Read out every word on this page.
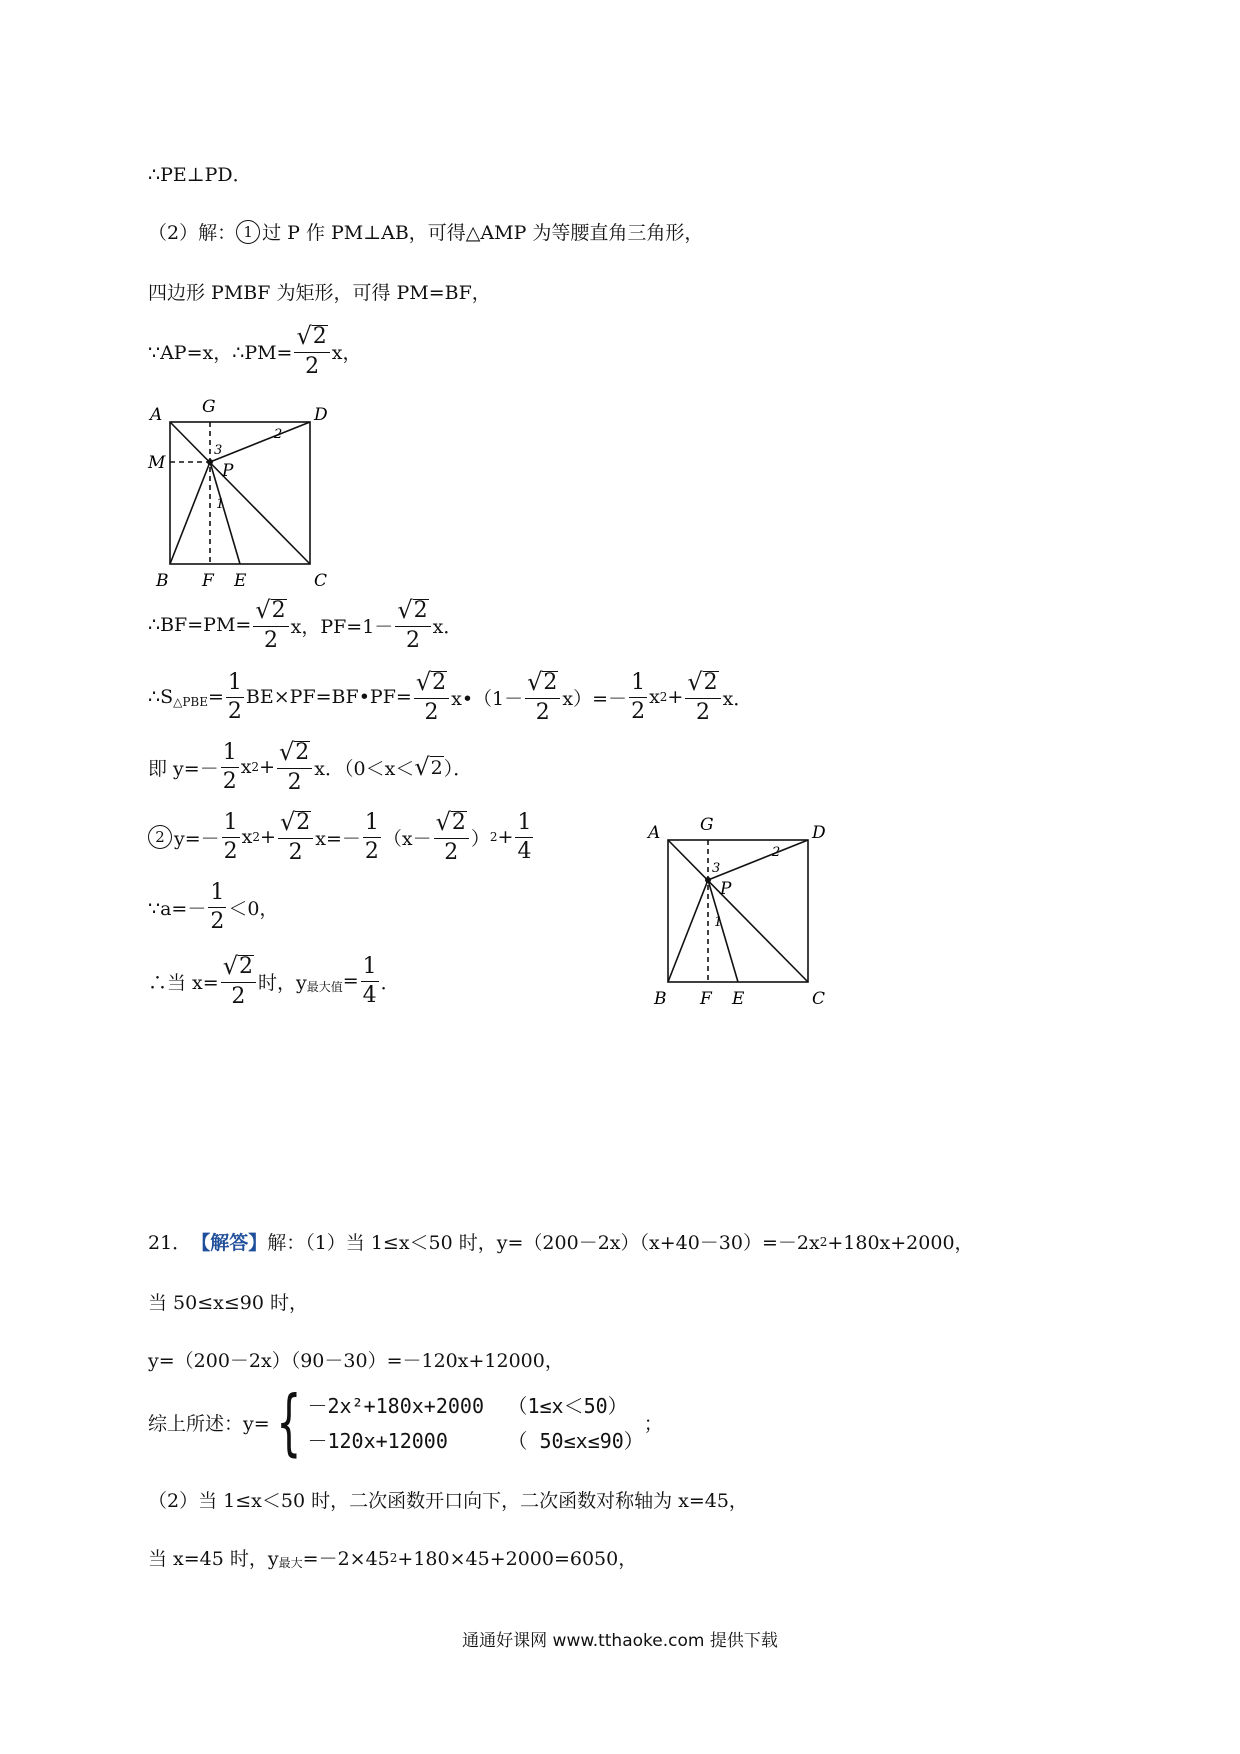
∴PE⊥PD．
（2）解： 1 过 P 作 PM⊥AB，可得△AMP 为等腰直角三角形，
四边形 PMBF 为矩形，可得 PM=BF，
∵AP=x，∴PM= $\frac{√ 2}{2}$ x，
A G	D
M	P
3
2
1
B F E	C
∴BF=PM= $\frac{√ 2}{2}$ x，$PF=1- \frac{√ 2}{2}$ x．
∴S △PBE = $\frac{1}{2}$ BE×PF=BF•PF= $\frac{√ 2}{2}$ x•（1－ $\frac{√ 2}{2} x)=- \frac{1}{2}$ x $2 + \frac{√ 2}{2}$ x．
即 $y=- \frac{1}{2}$ x $2 + \frac{√ 2}{2}$ x．（0＜x＜ √ 2 ）．
2 $y=- \frac{1}{2}$ x $2 + \frac{√ 2}{2} x=- \frac{1}{2} (x- \frac{√ 2}{2}$ ） $2 + \frac{1}{4}$	A G	D
P
3
2
1
B F E	C
∵a=－ $\frac{1}{2} <0$，
∴当 $x= \frac{√ 2}{2}$ 时，y 最大值 = $\frac{1}{4}$ ．
21． 【解答】 解：（1）当 1≤x＜50 时，y=（200－2x）（x+40－30）=－2x 2 +180x+2000，
当 50≤x≤90 时，
y=（200－2x）（90－30）=－120x+12000，
综上所述：y= { －2x²+180x+2000	（1≤x＜50）
－120x+12000	（ 50≤x≤90）
；
（2）当 1≤x＜50 时，二次函数开口向下，二次函数对称轴为 x=45，
当 x=45 时，y 最大 =－2×45 2 +180×45+2000=6050，
通通好课网 www.tthaoke.com 提供下载
